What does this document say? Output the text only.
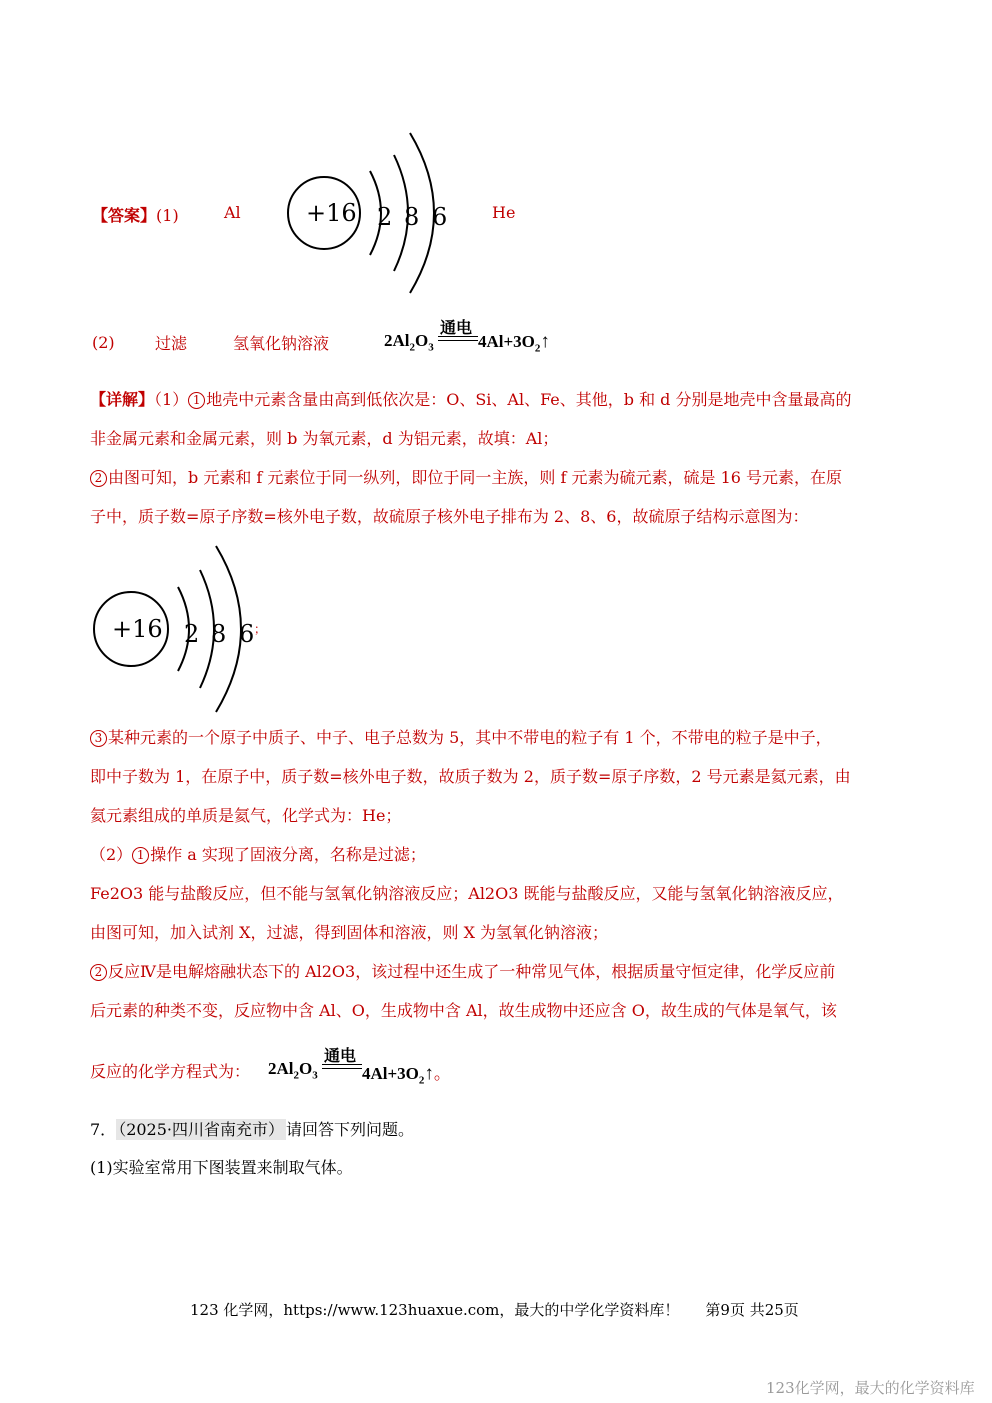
【答案】(1)	Al	+16 2 8 6	He
(2)	过滤	氢氧化钠溶液	$2Al_2O_3$
通电
$4Al+3O_2↑$

【详解】（1） 1 地壳中元素含量由高到低依次是：O、Si、Al、Fe、其他，b 和 d 分别是地壳中含量最高的

非金属元素和金属元素，则 b 为氧元素，d 为铝元素，故填：Al；

2 由图可知，b 元素和 f 元素位于同一纵列，即位于同一主族，则 f 元素为硫元素，硫是 16 号元素，在原

子中，质子数=原子序数=核外电子数，故硫原子核外电子排布为 2、8、6，故硫原子结构示意图为：

+16 2 8 6 ；

3 某种元素的一个原子中质子、中子、电子总数为 5，其中不带电的粒子有 1 个，不带电的粒子是中子，

即中子数为 1，在原子中，质子数=核外电子数，故质子数为 2，质子数=原子序数，2 号元素是氦元素，由

氦元素组成的单质是氦气，化学式为：He；

（2） 1 操作 a 实现了固液分离，名称是过滤；

Fe2O3 能与盐酸反应，但不能与氢氧化钠溶液反应；Al2O3 既能与盐酸反应，又能与氢氧化钠溶液反应，

由图可知，加入试剂 X，过滤，得到固体和溶液，则 X 为氢氧化钠溶液；

2 反应Ⅳ是电解熔融状态下的 Al2O3，该过程中还生成了一种常见气体，根据质量守恒定律，化学反应前

后元素的种类不变，反应物中含 Al、O，生成物中含 Al，故生成物中还应含 O，故生成的气体是氧气，该

反应的化学方程式为： $2Al_2O_3$
通电
$4Al+3O_2↑$。
7． （2025·四川省南充市） 请回答下列问题。
(1)实验室常用下图装置来制取气体。
123 化学网，https://www.123huaxue.com，最大的中学化学资料库！ 第9页 共25页
123化学网，最大的化学资料库
